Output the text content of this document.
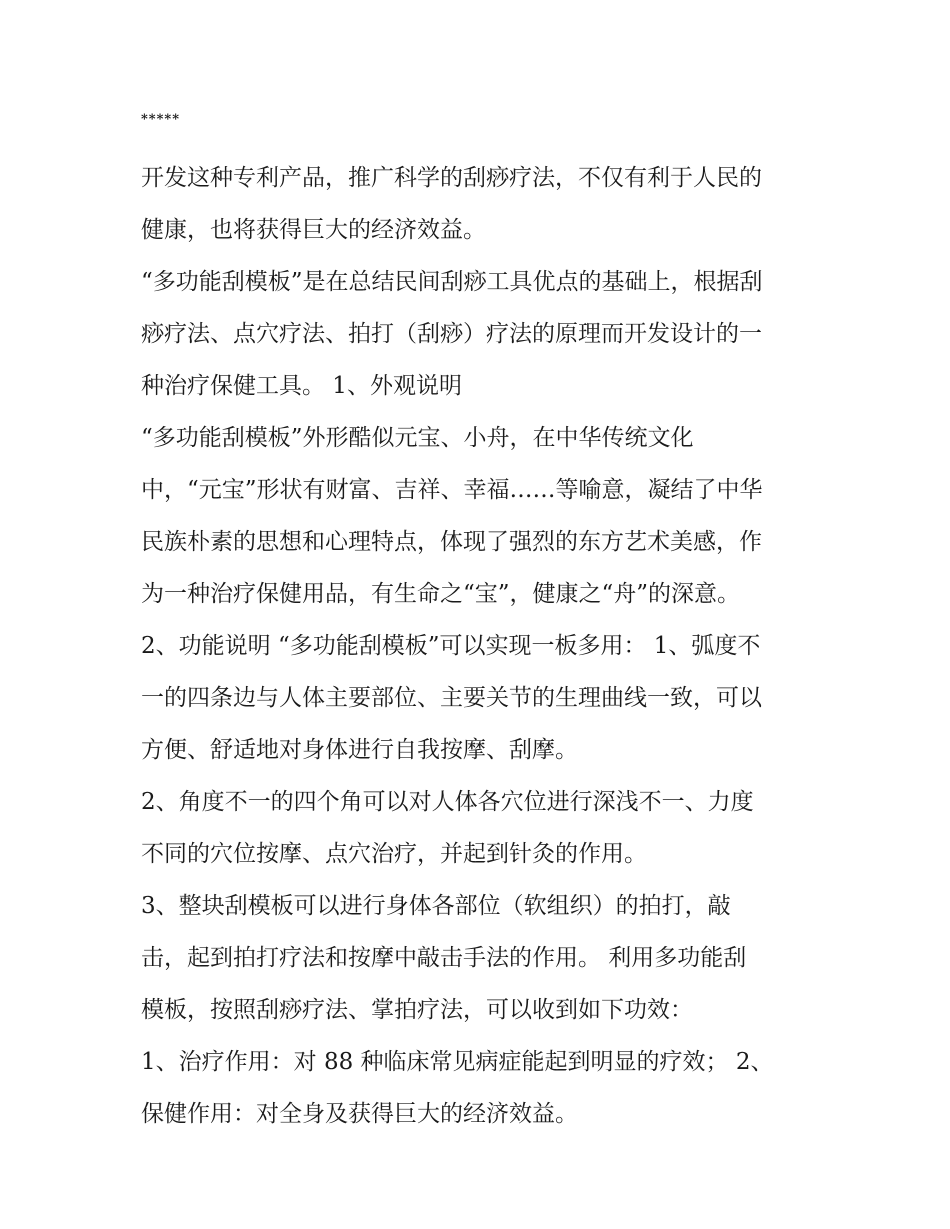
*****
开发这种专利产品，推广科学的刮痧疗法，不仅有利于人民的
健康，也将获得巨大的经济效益。
“多功能刮模板”是在总结民间刮痧工具优点的基础上，根据刮
痧疗法、点穴疗法、拍打（刮痧）疗法的原理而开发设计的一
种治疗保健工具。 1、外观说明
“多功能刮模板”外形酷似元宝、小舟，在中华传统文化
中，“元宝”形状有财富、吉祥、幸福……等喻意，凝结了中华
民族朴素的思想和心理特点，体现了强烈的东方艺术美感，作
为一种治疗保健用品，有生命之“宝”，健康之“舟”的深意。
2、功能说明 “多功能刮模板”可以实现一板多用： 1、弧度不
一的四条边与人体主要部位、主要关节的生理曲线一致，可以
方便、舒适地对身体进行自我按摩、刮摩。
2、角度不一的四个角可以对人体各穴位进行深浅不一、力度
不同的穴位按摩、点穴治疗，并起到针灸的作用。
3、整块刮模板可以进行身体各部位（软组织）的拍打，敲
击，起到拍打疗法和按摩中敲击手法的作用。 利用多功能刮
模板，按照刮痧疗法、掌拍疗法，可以收到如下功效：
1、治疗作用：对 88 种临床常见病症能起到明显的疗效； 2、
保健作用：对全身及获得巨大的经济效益。
